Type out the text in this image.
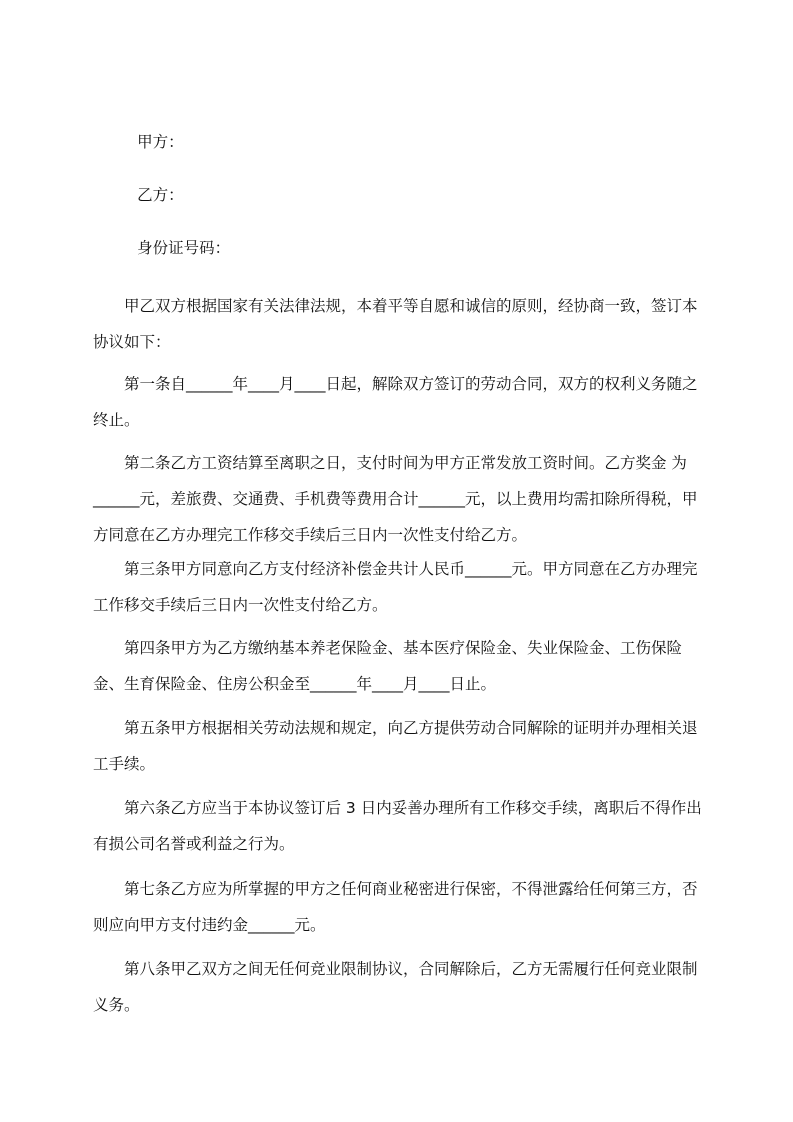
甲方：

乙方：

身份证号码：

甲乙双方根据国家有关法律法规，本着平等自愿和诚信的原则，经协商一致，签订本协议如下：

第一条自______年____月____日起，解除双方签订的劳动合同，双方的权利义务随之终止。

第二条乙方工资结算至离职之日，支付时间为甲方正常发放工资时间。乙方奖金 为______元，差旅费、交通费、手机费等费用合计______元，以上费用均需扣除所得税，甲方同意在乙方办理完工作移交手续后三日内一次性支付给乙方。

第三条甲方同意向乙方支付经济补偿金共计人民币______元。甲方同意在乙方办理完工作移交手续后三日内一次性支付给乙方。

第四条甲方为乙方缴纳基本养老保险金、基本医疗保险金、失业保险金、工伤保险金、生育保险金、住房公积金至______年____月____日止。

第五条甲方根据相关劳动法规和规定，向乙方提供劳动合同解除的证明并办理相关退工手续。

第六条乙方应当于本协议签订后 3 日内妥善办理所有工作移交手续，离职后不得作出有损公司名誉或利益之行为。

第七条乙方应为所掌握的甲方之任何商业秘密进行保密，不得泄露给任何第三方，否则应向甲方支付违约金______元。

第八条甲乙双方之间无任何竞业限制协议，合同解除后，乙方无需履行任何竞业限制义务。
